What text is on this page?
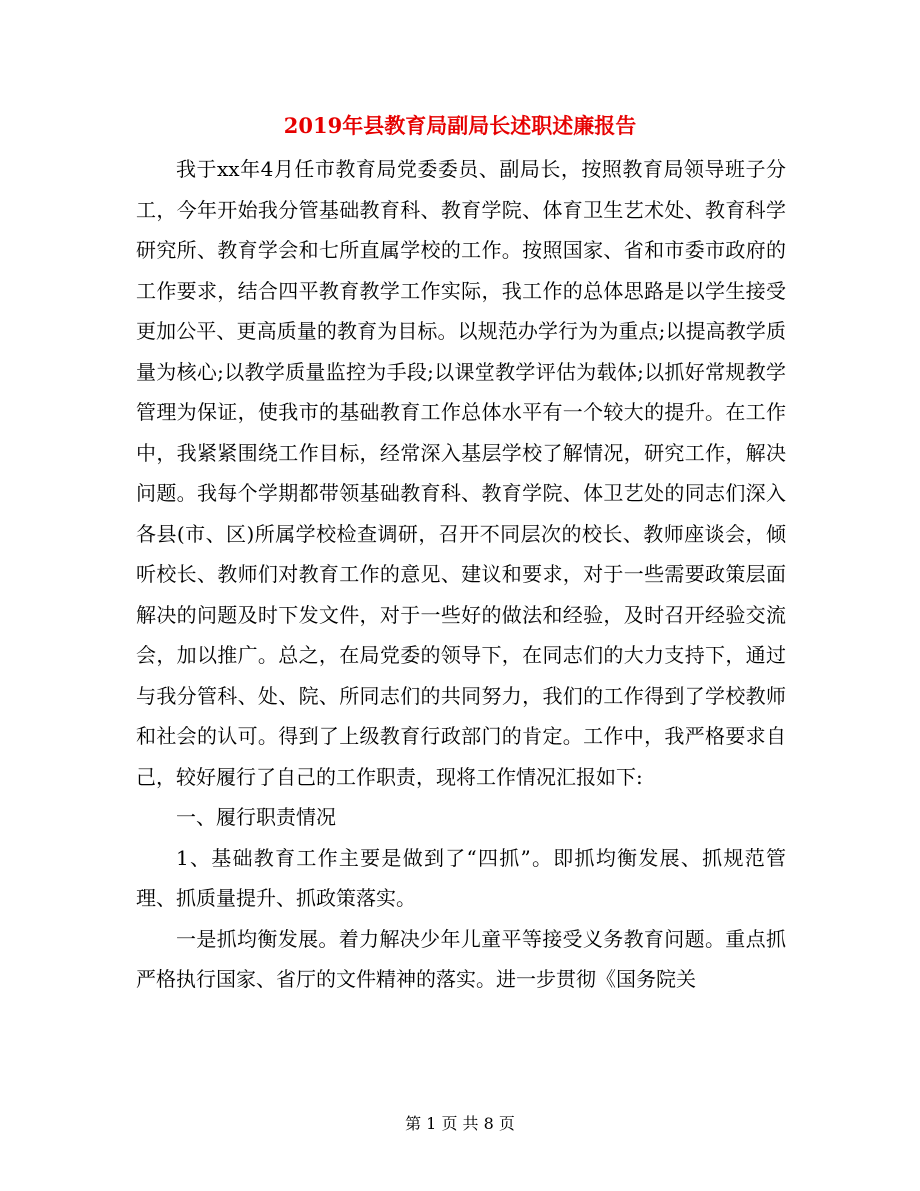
2019年县教育局副局长述职述廉报告

我于xx年4月任市教育局党委委员、副局长，按照教育局领导班子分工，今年开始我分管基础教育科、教育学院、体育卫生艺术处、教育科学研究所、教育学会和七所直属学校的工作。按照国家、省和市委市政府的工作要求，结合四平教育教学工作实际，我工作的总体思路是以学生接受更加公平、更高质量的教育为目标。以规范办学行为为重点;以提高教学质量为核心;以教学质量监控为手段;以课堂教学评估为载体;以抓好常规教学管理为保证，使我市的基础教育工作总体水平有一个较大的提升。在工作中，我紧紧围绕工作目标，经常深入基层学校了解情况，研究工作，解决问题。我每个学期都带领基础教育科、教育学院、体卫艺处的同志们深入各县(市、区)所属学校检查调研，召开不同层次的校长、教师座谈会，倾听校长、教师们对教育工作的意见、建议和要求，对于一些需要政策层面解决的问题及时下发文件，对于一些好的做法和经验，及时召开经验交流会，加以推广。总之，在局党委的领导下，在同志们的大力支持下，通过与我分管科、处、院、所同志们的共同努力，我们的工作得到了学校教师和社会的认可。得到了上级教育行政部门的肯定。工作中，我严格要求自己，较好履行了自己的工作职责，现将工作情况汇报如下:

一、履行职责情况

1、基础教育工作主要是做到了“四抓”。即抓均衡发展、抓规范管理、抓质量提升、抓政策落实。

一是抓均衡发展。着力解决少年儿童平等接受义务教育问题。重点抓严格执行国家、省厅的文件精神的落实。进一步贯彻《国务院关

第 1 页 共 8 页
